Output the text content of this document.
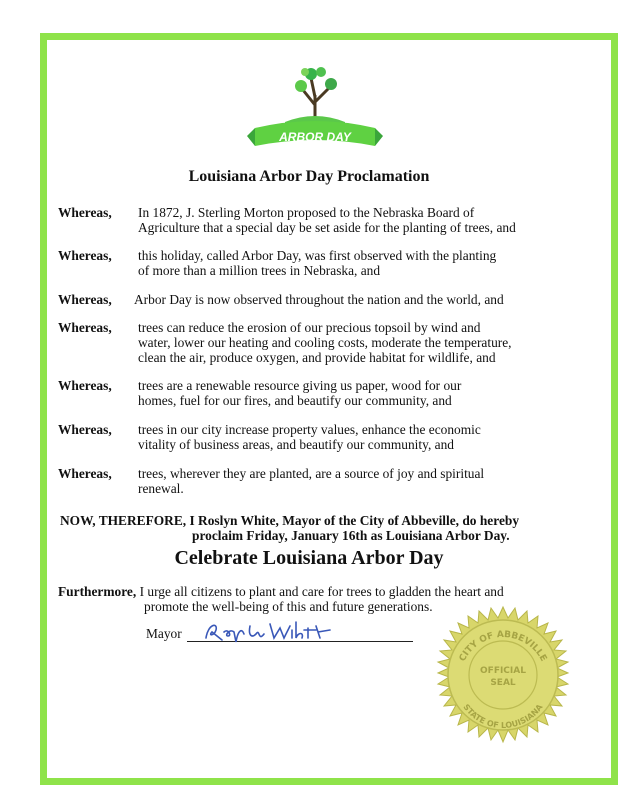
ARBOR DAY
Louisiana Arbor Day Proclamation
Whereas, In 1872, J. Sterling Morton proposed to the Nebraska Board of
Agriculture that a special day be set aside for the planting of trees, and
Whereas, this holiday, called Arbor Day, was first observed with the planting
of more than a million trees in Nebraska, and
Whereas, Arbor Day is now observed throughout the nation and the world, and
Whereas, trees can reduce the erosion of our precious topsoil by wind and
water, lower our heating and cooling costs, moderate the temperature,
clean the air, produce oxygen, and provide habitat for wildlife, and
Whereas, trees are a renewable resource giving us paper, wood for our
homes, fuel for our fires, and beautify our community, and
Whereas, trees in our city increase property values, enhance the economic
vitality of business areas, and beautify our community, and
Whereas, trees, wherever they are planted, are a source of joy and spiritual
renewal.
NOW, THEREFORE, I Roslyn White, Mayor of the City of Abbeville, do hereby
proclaim Friday, January 16th as Louisiana Arbor Day.
Celebrate Louisiana Arbor Day
Furthermore, I urge all citizens to plant and care for trees to gladden the heart and
promote the well-being of this and future generations.
Mayor
CITY OF ABBEVILLE
STATE OF LOUISIANA
OFFICIAL
SEAL
